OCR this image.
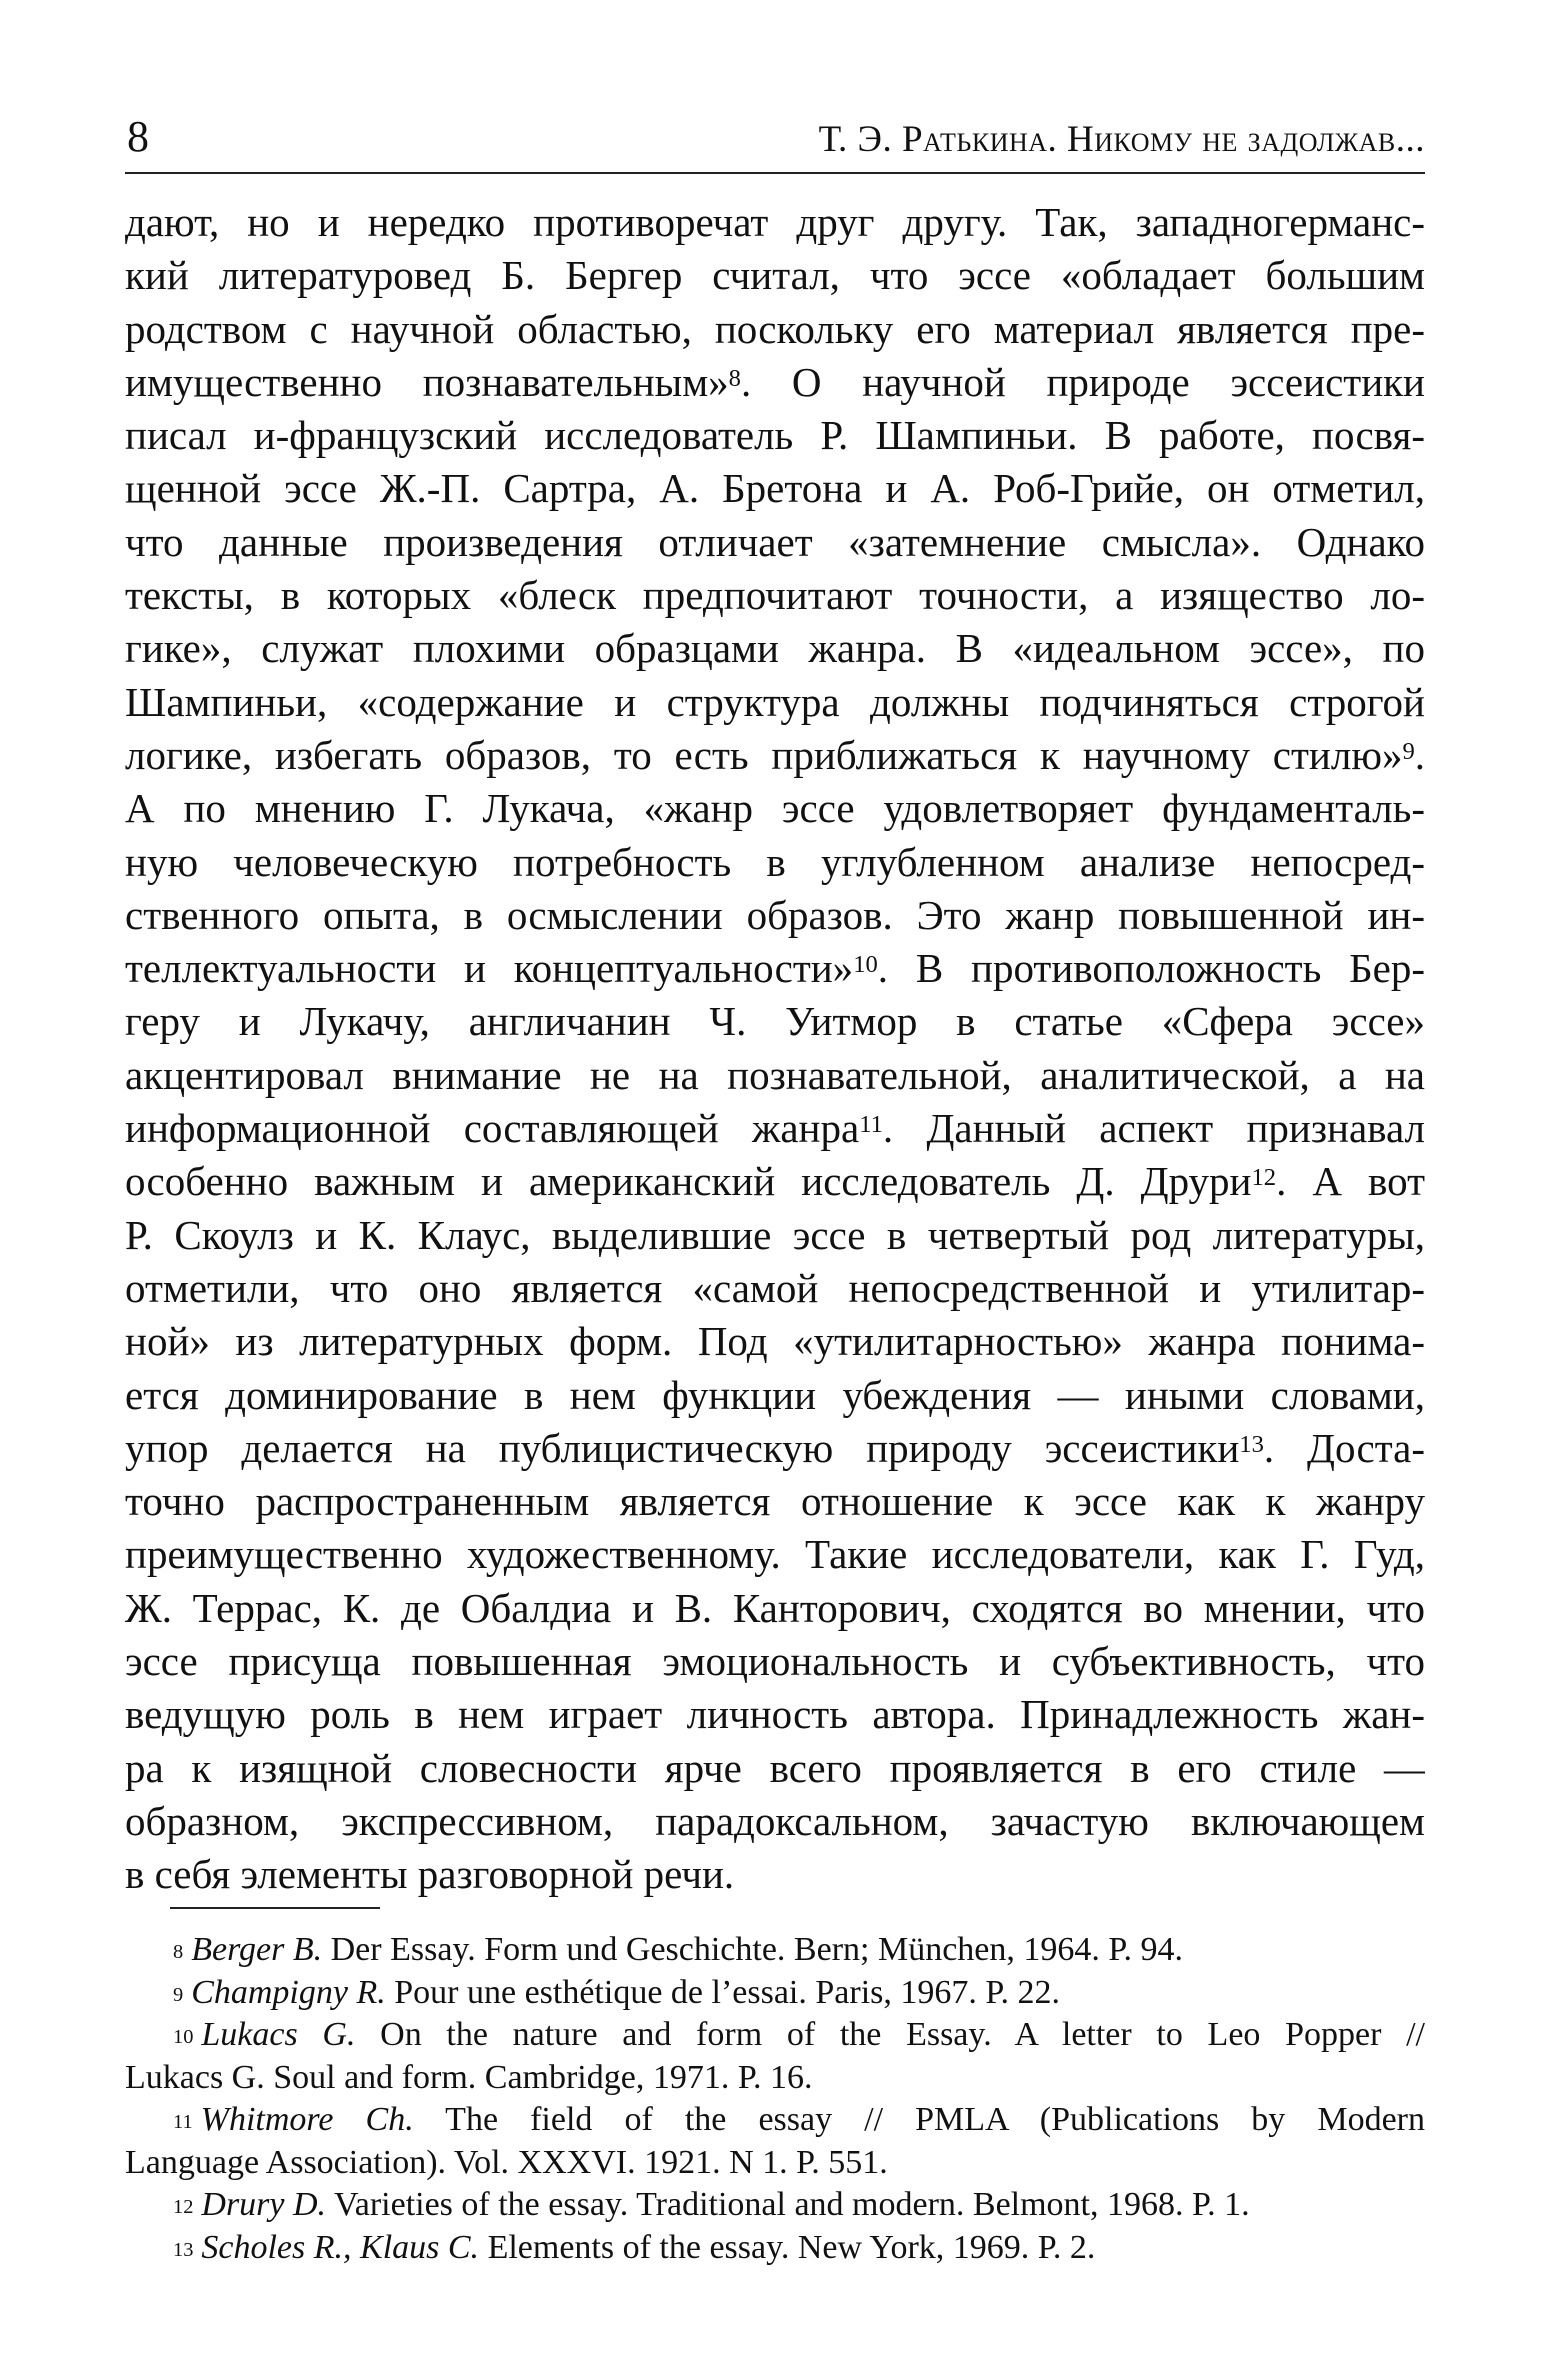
8	Т. Э. Ратькина. Никому не задолжав...
дают, но и нередко противоречат друг другу. Так, западногерманс-
кий литературовед Б. Бергер считал, что эссе «обладает большим
родством с научной областью, поскольку его материал является пре-
имущественно познавательным»$^8$. О научной природе эссеистики
писал и-французский исследователь Р. Шампиньи. В работе, посвя-
щенной эссе Ж.-П. Сартра, А. Бретона и А. Роб-Грийе, он отметил,
что данные произведения отличает «затемнение смысла». Однако
тексты, в которых «блеск предпочитают точности, а изящество ло-
гике», служат плохими образцами жанра. В «идеальном эссе», по
Шампиньи, «содержание и структура должны подчиняться строгой
логике, избегать образов, то есть приближаться к научному стилю»$^9$.
А по мнению Г. Лукача, «жанр эссе удовлетворяет фундаменталь-
ную человеческую потребность в углубленном анализе непосред-
ственного опыта, в осмыслении образов. Это жанр повышенной ин-
теллектуальности и концептуальности»$^{10}$. В противоположность Бер-
геру и Лукачу, англичанин Ч. Уитмор в статье «Сфера эссе»
акцентировал внимание не на познавательной, аналитической, а на
информационной составляющей жанра$^{11}$. Данный аспект признавал
особенно важным и американский исследователь Д. Друри$^{12}$. А вот
Р. Скоулз и К. Клаус, выделившие эссе в четвертый род литературы,
отметили, что оно является «самой непосредственной и утилитар-
ной» из литературных форм. Под «утилитарностью» жанра понима-
ется доминирование в нем функции убеждения — иными словами,
упор делается на публицистическую природу эссеистики$^{13}$. Доста-
точно распространенным является отношение к эссе как к жанру
преимущественно художественному. Такие исследователи, как Г. Гуд,
Ж. Террас, К. де Обалдиа и В. Канторович, сходятся во мнении, что
эссе присуща повышенная эмоциональность и субъективность, что
ведущую роль в нем играет личность автора. Принадлежность жан-
ра к изящной словесности ярче всего проявляется в его стиле —
образном, экспрессивном, парадоксальном, зачастую включающем
в себя элементы разговорной речи.
$^8$ Berger B. Der Essay. Form und Geschichte. Bern; München, 1964. P. 94.
$^9$ Champigny R. Pour une esthétique de l’essai. Paris, 1967. P. 22.
$^{10}$ Lukacs G. On the nature and form of the Essay. A letter to Leo Popper //
Lukacs G. Soul and form. Cambridge, 1971. P. 16.
$^{11}$ Whitmore Ch. The field of the essay // PMLA (Publications by Modern
Language Association). Vol. XXXVI. 1921. N 1. P. 551.
$^{12}$ Drury D. Varieties of the essay. Traditional and modern. Belmont, 1968. P. 1.
$^{13}$ Scholes R., Klaus C. Elements of the essay. New York, 1969. P. 2.
